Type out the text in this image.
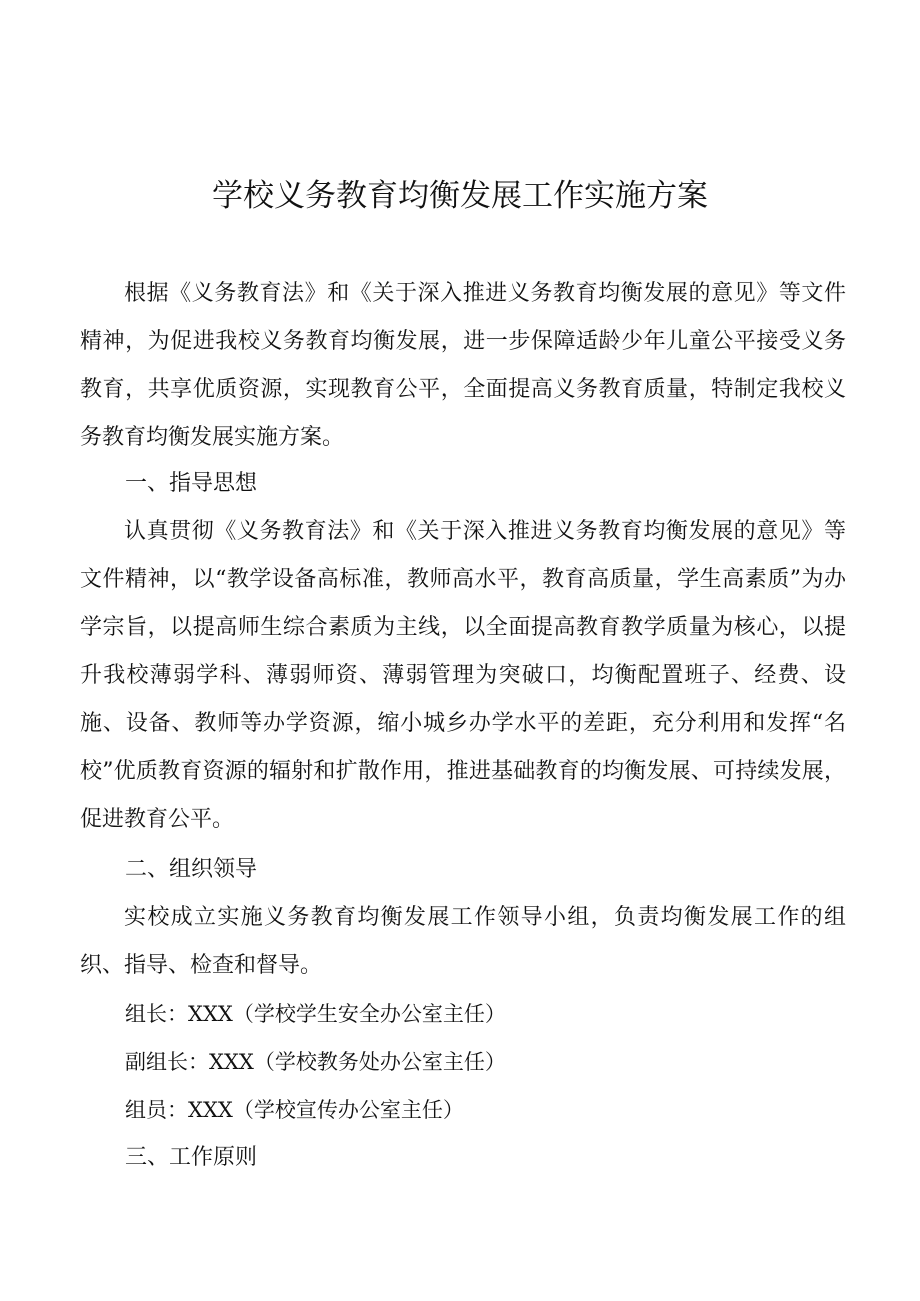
学校义务教育均衡发展工作实施方案

根据《义务教育法》和《关于深入推进义务教育均衡发展的意见》等文件精神，为促进我校义务教育均衡发展，进一步保障适龄少年儿童公平接受义务教育，共享优质资源，实现教育公平，全面提高义务教育质量，特制定我校义务教育均衡发展实施方案。

一、指导思想

认真贯彻《义务教育法》和《关于深入推进义务教育均衡发展的意见》等文件精神，以“教学设备高标准，教师高水平，教育高质量，学生高素质”为办学宗旨，以提高师生综合素质为主线，以全面提高教育教学质量为核心，以提升我校薄弱学科、薄弱师资、薄弱管理为突破口，均衡配置班子、经费、设施、设备、教师等办学资源，缩小城乡办学水平的差距，充分利用和发挥“名校”优质教育资源的辐射和扩散作用，推进基础教育的均衡发展、可持续发展，促进教育公平。

二、组织领导

实校成立实施义务教育均衡发展工作领导小组，负责均衡发展工作的组织、指导、检查和督导。

组长：XXX（学校学生安全办公室主任）

副组长：XXX（学校教务处办公室主任）

组员：XXX（学校宣传办公室主任）

三、工作原则
